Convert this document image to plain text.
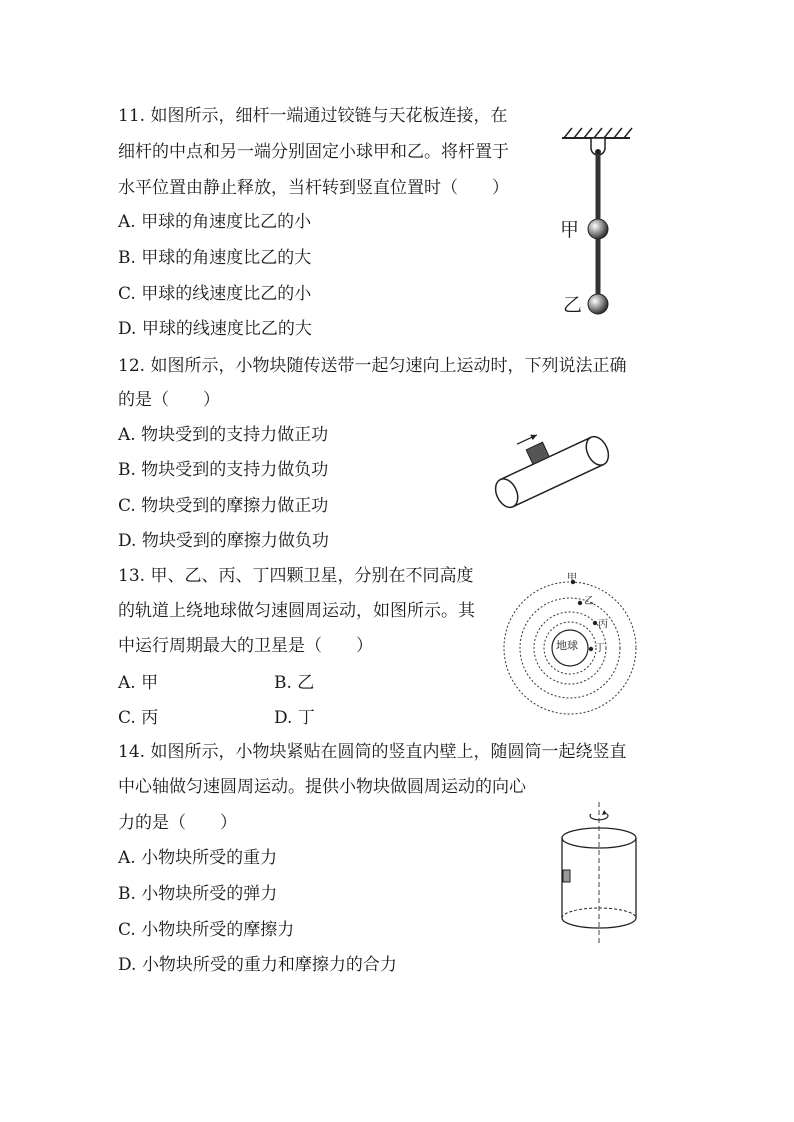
11. 如图所示，细杆一端通过铰链与天花板连接，在
细杆的中点和另一端分别固定小球甲和乙。将杆置于
水平位置由静止释放，当杆转到竖直位置时（　　）
A. 甲球的角速度比乙的小
B. 甲球的角速度比乙的大
C. 甲球的线速度比乙的小
D. 甲球的线速度比乙的大
甲
乙
12. 如图所示，小物块随传送带一起匀速向上运动时，下列说法正确
的是（　　）
A. 物块受到的支持力做正功
B. 物块受到的支持力做负功
C. 物块受到的摩擦力做正功
D. 物块受到的摩擦力做负功
13. 甲、乙、丙、丁四颗卫星，分别在不同高度
的轨道上绕地球做匀速圆周运动，如图所示。其
中运行周期最大的卫星是（　　）
A. 甲	B. 乙
C. 丙	D. 丁
地球
甲
乙
丙
丁
14. 如图所示，小物块紧贴在圆筒的竖直内壁上，随圆筒一起绕竖直
中心轴做匀速圆周运动。提供小物块做圆周运动的向心
力的是（　　）
A. 小物块所受的重力
B. 小物块所受的弹力
C. 小物块所受的摩擦力
D. 小物块所受的重力和摩擦力的合力
